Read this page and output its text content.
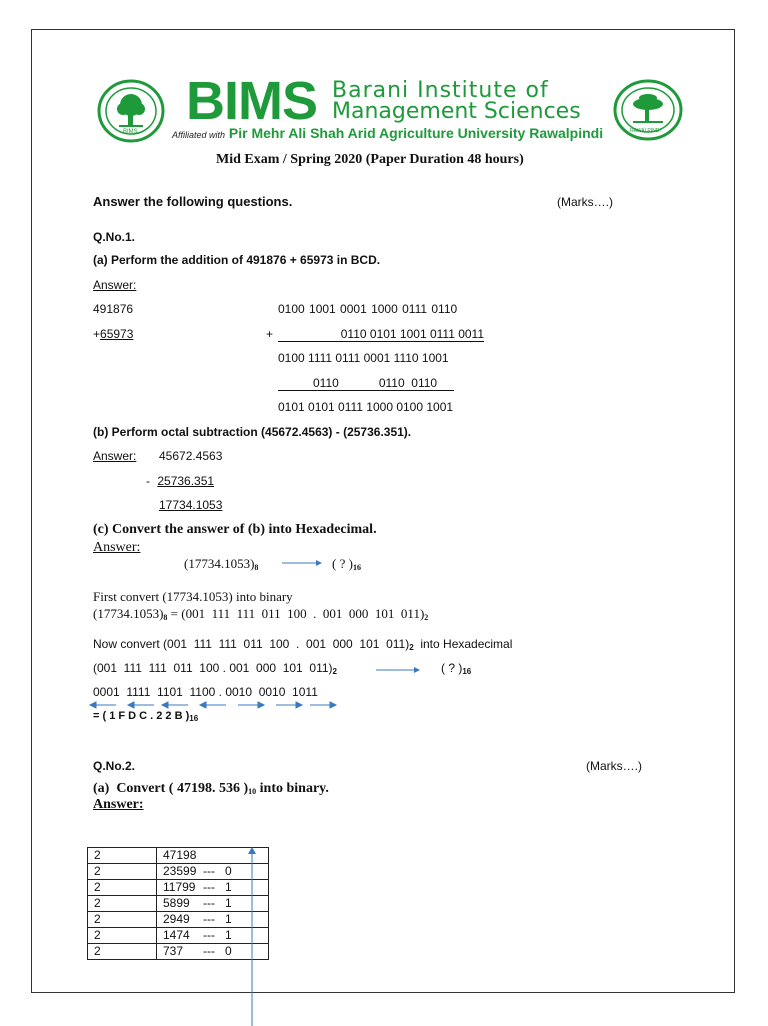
BIMS
BIMS Barani Institute of
Management Sciences
Affiliated with Pir Mehr Ali Shah Arid Agriculture University Rawalpindi	RAWALPINDI
Mid Exam / Spring 2020 (Paper Duration 48 hours)
Answer the following questions.	(Marks….)
Q.No.1.
(a) Perform the addition of 491876 + 65973 in BCD.
Answer:
491876
+65973
0100 1001 0001 1000 0111 0110
+	0110 0101 1001 0111 0011
0100 1111 0111 0001 1110 1001
0110            0110  0110
0101 0101 0111 1000 0100 1001
(b) Perform octal subtraction (45672.4563) - (25736.351).
Answer: 45672.4563
- 25736.351
17734.1053
(c) Convert the answer of (b) into Hexadecimal.
Answer:
$(17734.1053)_8$	( ? )$_{16}$
First convert (17734.1053) into binary
$(17734.1053)_8 = (001$  111  111  011  100  .  001  000  101  $011)_2$
Now convert (001  111  111  011  100  .  001  000  101  $011)_2$  into Hexadecimal
(001  111  111  011  100 . 001  000  101  $011)_2$	( ? )$_{16}$
0001  1111  1101  1100 . 0010  0010  1011
= ( 1 F D C . 2 2 B )$_{16}$
Q.No.2.	(Marks….)
(a)  Convert ( 47198. 536 )$_{10}$ into binary.
Answer:
2	47198
2	23599 --- 0
2	11799 --- 1
2	5899 --- 1
2	2949 --- 1
2	1474 --- 1
2	737 --- 0
